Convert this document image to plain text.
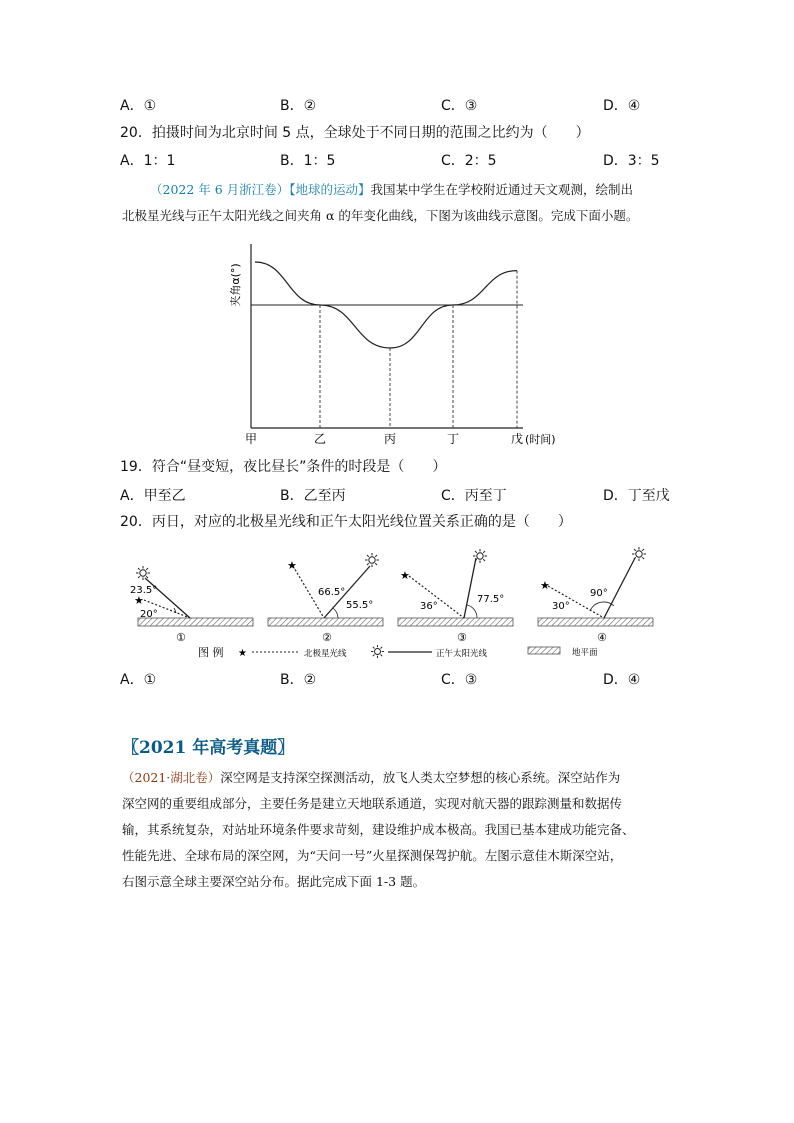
A．①	B．②	C．③	D．④
20．拍摄时间为北京时间 5 点，全球处于不同日期的范围之比约为（　　）
A．1：1	B．1：5	C．2：5	D．3：5
（2022 年 6 月浙江卷）【地球的运动】我国某中学生在学校附近通过天文观测，绘制出
北极星光线与正午太阳光线之间夹角 α 的年变化曲线，下图为该曲线示意图。完成下面小题。
夹角α(°)
甲	乙	丙	丁	戊 (时间)
19．符合“昼变短，夜比昼长”条件的时段是（　　）
A．甲至乙	B．乙至丙	C．丙至丁	D．丁至戊
20．丙日，对应的北极星光线和正午太阳光线位置关系正确的是（　　）
★
23.5°
20°
①
★
66.5°
55.5°
②
★
36°
77.5°
③
★
30°
90°
④
图 例 ★	北极星光线	正午太阳光线	地平面
A．①	B．②	C．③	D．④
〖2021 年高考真题〗
（2021·湖北卷）深空网是支持深空探测活动，放飞人类太空梦想的核心系统。深空站作为
深空网的重要组成部分，主要任务是建立天地联系通道，实现对航天器的跟踪测量和数据传
输，其系统复杂，对站址环境条件要求苛刻，建设维护成本极高。我国已基本建成功能完备、
性能先进、全球布局的深空网，为“天问一号”火星探测保驾护航。左图示意佳木斯深空站，
右图示意全球主要深空站分布。据此完成下面 1-3 题。
